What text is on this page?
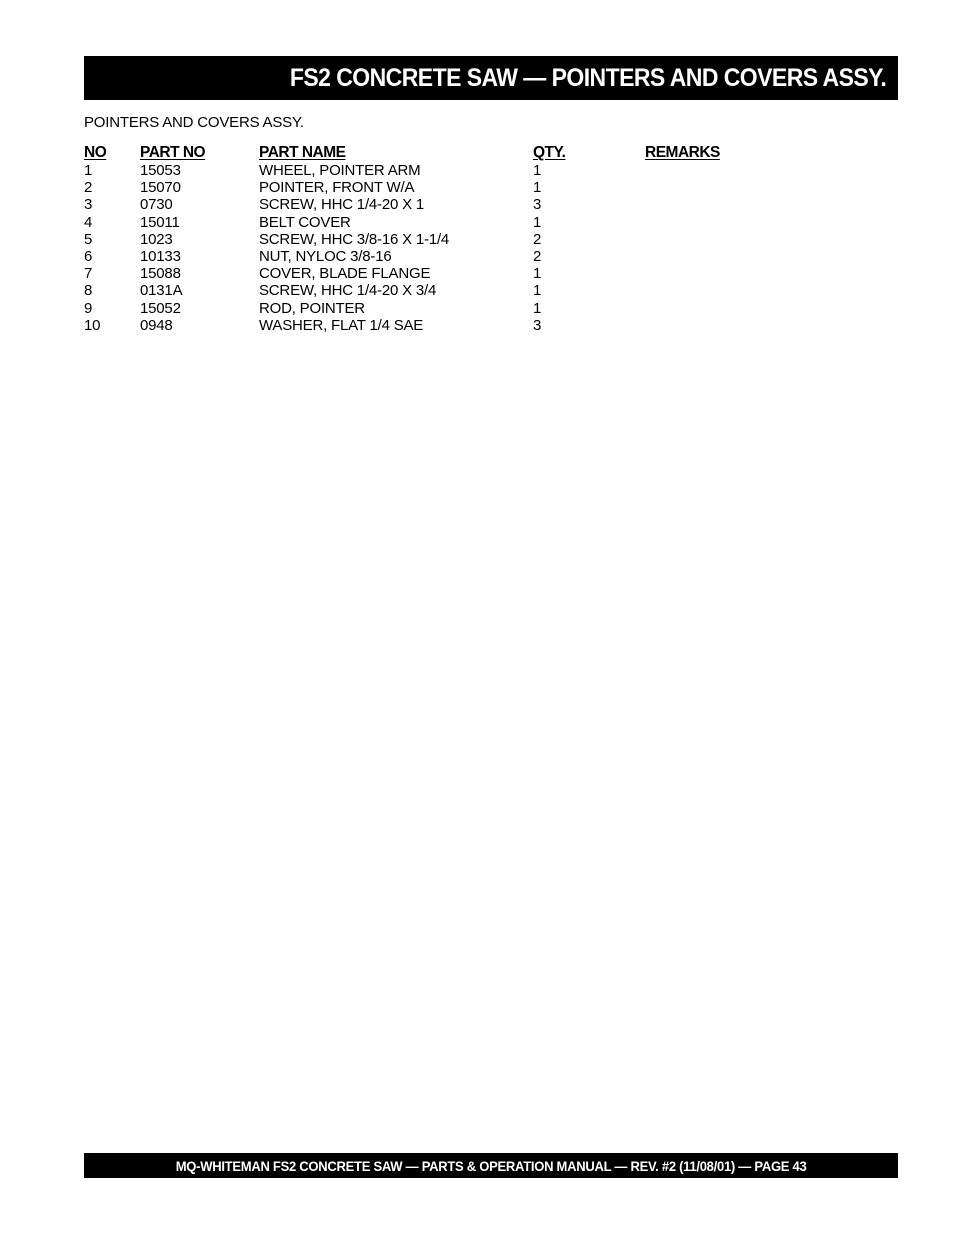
FS2 CONCRETE SAW — POINTERS AND COVERS ASSY.
POINTERS AND COVERS ASSY.
NO PART NO	PART NAME	QTY.	REMARKS
1	15053	WHEEL, POINTER ARM	1
2	15070	POINTER, FRONT W/A	1
3	0730	SCREW, HHC 1/4-20 X 1	3
4	15011	BELT COVER	1
5	1023	SCREW, HHC 3/8-16 X 1-1/4	2
6	10133	NUT, NYLOC 3/8-16	2
7	15088	COVER, BLADE FLANGE	1
8	0131A	SCREW, HHC 1/4-20 X 3/4	1
9	15052	ROD, POINTER	1
10	0948	WASHER, FLAT 1/4 SAE	3
MQ-WHITEMAN FS2 CONCRETE SAW — PARTS & OPERATION MANUAL — REV. #2 (11/08/01) — PAGE 43
